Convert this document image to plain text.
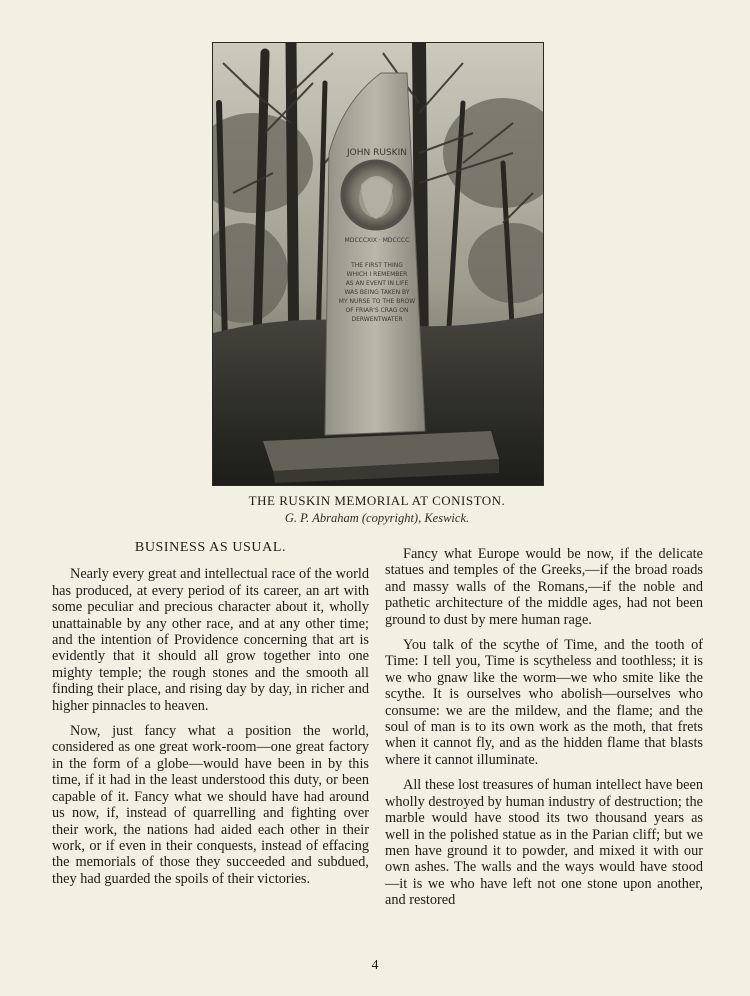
JOHN RUSKIN
MDCCCXIX · MDCCCC
THE FIRST THING
WHICH I REMEMBER
AS AN EVENT IN LIFE
WAS BEING TAKEN BY
MY NURSE TO THE BROW
OF FRIAR'S CRAG ON
DERWENTWATER
THE RUSKIN MEMORIAL AT CONISTON.
G. P. Abraham (copyright), Keswick.
BUSINESS AS USUAL.

Nearly every great and intellectual race of the world has produced, at every period of its career, an art with some peculiar and precious character about it, wholly unattainable by any other race, and at any other time; and the intention of Providence concerning that art is evidently that it should all grow together into one mighty temple; the rough stones and the smooth all finding their place, and rising day by day, in richer and higher pinnacles to heaven.

Now, just fancy what a position the world, considered as one great work-room—one great factory in the form of a globe—would have been in by this time, if it had in the least understood this duty, or been capable of it. Fancy what we should have had around us now, if, instead of quarrelling and fighting over their work, the nations had aided each other in their work, or if even in their conquests, instead of effacing the memorials of those they succeeded and subdued, they had guarded the spoils of their victories.

Fancy what Europe would be now, if the delicate statues and temples of the Greeks,—if the broad roads and massy walls of the Romans,—if the noble and pathetic architecture of the middle ages, had not been ground to dust by mere human rage.

You talk of the scythe of Time, and the tooth of Time: I tell you, Time is scytheless and toothless; it is we who gnaw like the worm—we who smite like the scythe. It is ourselves who abolish—ourselves who consume: we are the mildew, and the flame; and the soul of man is to its own work as the moth, that frets when it cannot fly, and as the hidden flame that blasts where it cannot illuminate.

All these lost treasures of human intellect have been wholly destroyed by human industry of destruction; the marble would have stood its two thousand years as well in the polished statue as in the Parian cliff; but we men have ground it to powder, and mixed it with our own ashes. The walls and the ways would have stood—it is we who have left not one stone upon another, and restored

4
